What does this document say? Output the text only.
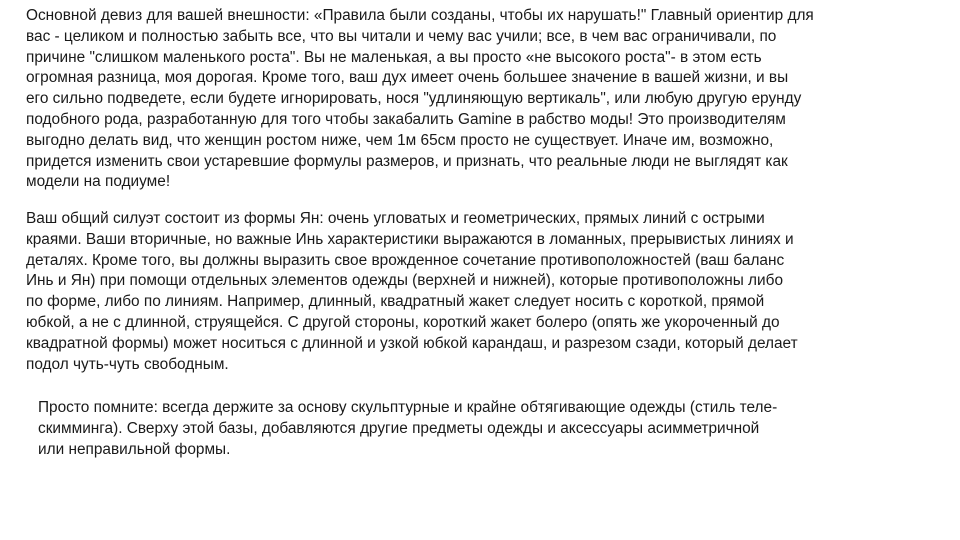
Основной девиз для вашей внешности: «Правила были созданы, чтобы их нарушать!" Главный ориентир для
вас - целиком и полностью забыть все, что вы читали и чему вас учили; все, в чем вас ограничивали, по
причине "слишком маленького роста". Вы не маленькая, а вы просто «не высокого роста"- в этом есть
огромная разница, моя дорогая. Кроме того, ваш дух имеет очень большее значение в вашей жизни, и вы
его сильно подведете, если будете игнорировать, нося "удлиняющую вертикаль", или любую другую ерунду
подобного рода, разработанную для того чтобы закабалить Gamine в рабство моды! Это производителям
выгодно делать вид, что женщин ростом ниже, чем 1м 65см просто не существует. Иначе им, возможно,
придется изменить свои устаревшие формулы размеров, и признать, что реальные люди не выглядят как
модели на подиуме!
Ваш общий силуэт состоит из формы Ян: очень угловатых и геометрических, прямых линий с острыми
краями. Ваши вторичные, но важные Инь характеристики выражаются в ломанных, прерывистых линиях и
деталях. Кроме того, вы должны выразить свое врожденное сочетание противоположностей (ваш баланс
Инь и Ян) при помощи отдельных элементов одежды (верхней и нижней), которые противоположны либо
по форме, либо по линиям. Например, длинный, квадратный жакет следует носить с короткой, прямой
юбкой, а не с длинной, струящейся. С другой стороны, короткий жакет болеро (опять же укороченный до
квадратной формы) может носиться с длинной и узкой юбкой карандаш, и разрезом сзади, который делает
подол чуть-чуть свободным.
Просто помните: всегда держите за основу скульптурные и крайне обтягивающие одежды (стиль теле-
скимминга). Сверху этой базы, добавляются другие предметы одежды и аксессуары асимметричной
или неправильной формы.
